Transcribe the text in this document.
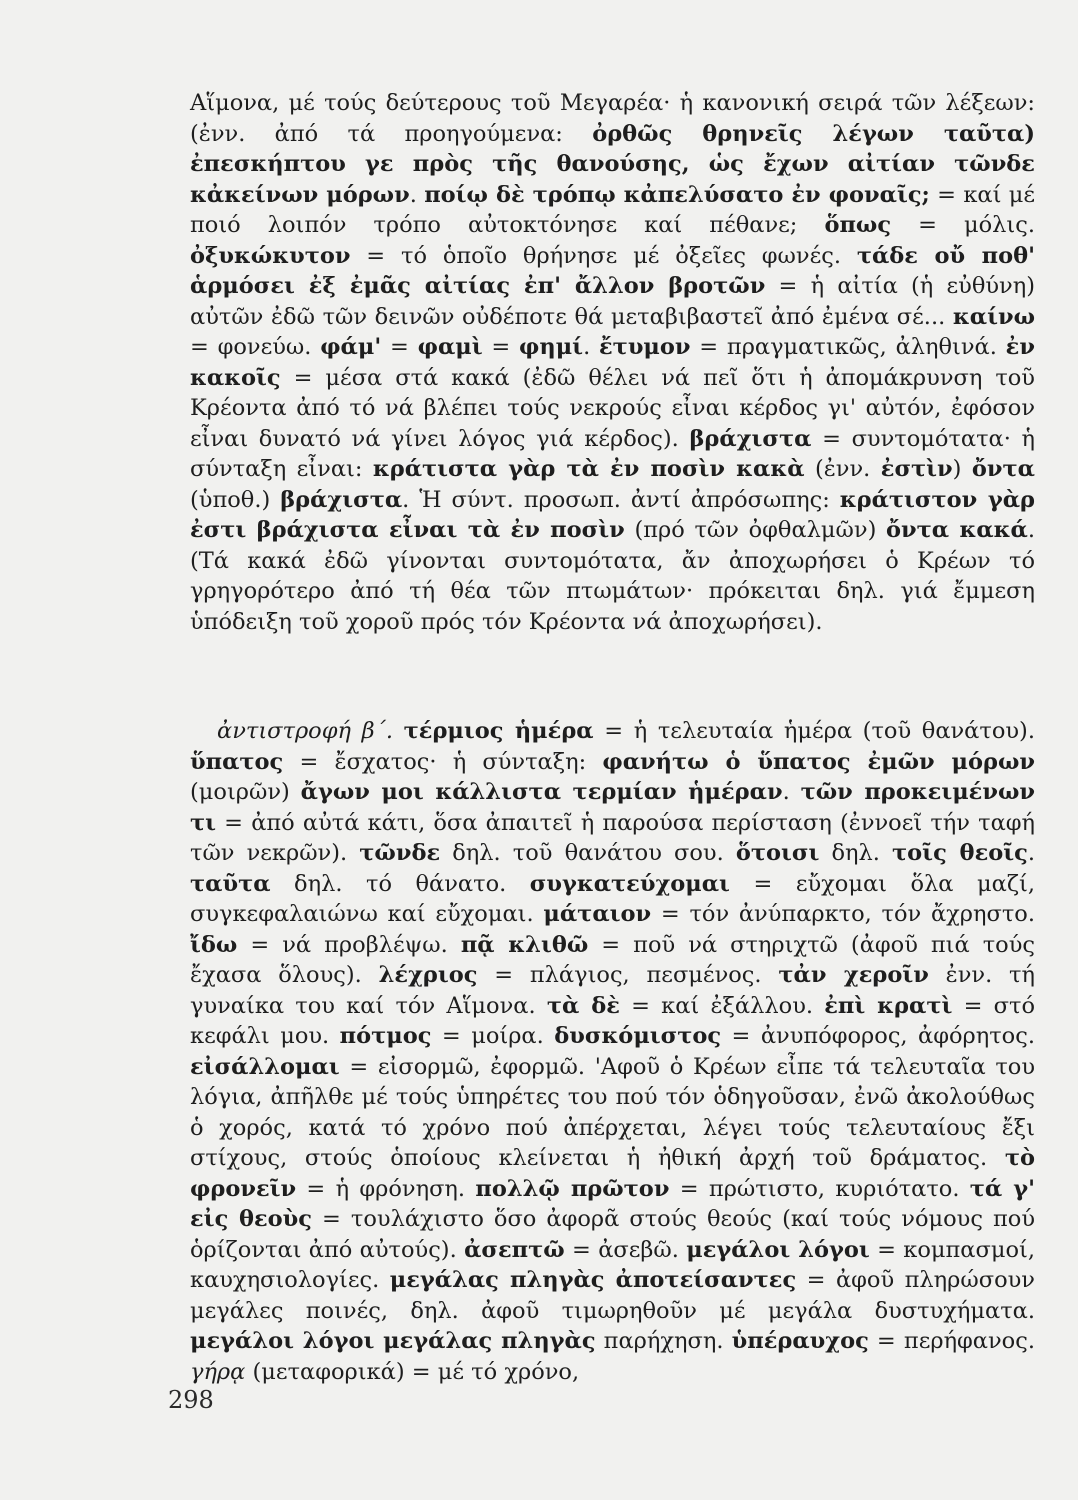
Αἵμονα, μέ τούς δεύτερους τοῦ Μεγαρέα· ἡ κανονική σειρά τῶν λέξεων: (ἐνν. ἀπό τά προηγούμενα: ὀρθῶς θρηνεῖς λέγων ταῦτα) ἐπεσκήπτου γε πρὸς τῆς θανούσης, ὡς ἔχων αἰτίαν τῶνδε κἀκείνων μόρων. ποίῳ δὲ τρόπῳ κἀπελύσατο ἐν φοναῖς; = καί μέ ποιό λοιπόν τρόπο αὐτοκτόνησε καί πέθανε; ὅπως = μόλις. ὀξυκώκυτον = τό ὁποῖο θρήνησε μέ ὀξεῖες φωνές. τάδε οὔ ποθ' ἁρμόσει ἐξ ἐμᾶς αἰτίας ἐπ' ἄλλον βροτῶν = ἡ αἰτία (ἡ εὐθύνη) αὐτῶν ἐδῶ τῶν δεινῶν οὐδέποτε θά μεταβιβαστεῖ ἀπό ἐμένα σέ... καίνω = φονεύω. φάμ' = φαμὶ = φημί. ἔτυμον = πραγματικῶς, ἀληθινά. ἐν κακοῖς = μέσα στά κακά (ἐδῶ θέλει νά πεῖ ὅτι ἡ ἀπομάκρυνση τοῦ Κρέοντα ἀπό τό νά βλέπει τούς νεκρούς εἶναι κέρδος γι' αὐτόν, ἐφόσον εἶναι δυνατό νά γίνει λόγος γιά κέρδος). βράχιστα = συντομότατα· ἡ σύνταξη εἶναι: κράτιστα γὰρ τὰ ἐν ποσὶν κακὰ (ἐνν. ἐστὶν) ὄντα (ὑποθ.) βράχιστα. Ἡ σύντ. προσωπ. ἀντί ἀπρόσωπης: κράτιστον γὰρ ἐστι βράχιστα εἶναι τὰ ἐν ποσὶν (πρό τῶν ὀφθαλμῶν) ὄντα κακά. (Τά κακά ἐδῶ γίνονται συντομότατα, ἄν ἀποχωρήσει ὁ Κρέων τό γρηγορότερο ἀπό τή θέα τῶν πτωμάτων· πρόκειται δηλ. γιά ἔμμεση ὑπόδειξη τοῦ χοροῦ πρός τόν Κρέοντα νά ἀποχωρήσει).

ἀντιστροφή β΄. τέρμιος ἡμέρα = ἡ τελευταία ἡμέρα (τοῦ θανάτου). ὕπατος = ἔσχατος· ἡ σύνταξη: φανήτω ὁ ὕπατος ἐμῶν μόρων (μοιρῶν) ἄγων μοι κάλλιστα τερμίαν ἡμέραν. τῶν προκειμένων τι = ἀπό αὐτά κάτι, ὅσα ἀπαιτεῖ ἡ παρούσα περίσταση (ἐννοεῖ τήν ταφή τῶν νεκρῶν). τῶνδε δηλ. τοῦ θανάτου σου. ὅτοισι δηλ. τοῖς θεοῖς. ταῦτα δηλ. τό θάνατο. συγκατεύχομαι = εὔχομαι ὅλα μαζί, συγκεφαλαιώνω καί εὔχομαι. μάταιον = τόν ἀνύπαρκτο, τόν ἄχρηστο. ἴδω = νά προβλέψω. πᾷ κλιθῶ = ποῦ νά στηριχτῶ (ἀφοῦ πιά τούς ἔχασα ὅλους). λέχριος = πλάγιος, πεσμένος. τἀν χεροῖν ἐνν. τή γυναίκα του καί τόν Αἵμονα. τὰ δὲ = καί ἐξάλλου. ἐπὶ κρατὶ = στό κεφάλι μου. πότμος = μοίρα. δυσκόμιστος = ἀνυπόφορος, ἀφόρητος. εἰσάλλομαι = εἰσορμῶ, ἐφορμῶ. 'Αφοῦ ὁ Κρέων εἶπε τά τελευταῖα του λόγια, ἀπῆλθε μέ τούς ὑπηρέτες του πού τόν ὁδηγοῦσαν, ἐνῶ ἀκολούθως ὁ χορός, κατά τό χρόνο πού ἀπέρχεται, λέγει τούς τελευταίους ἔξι στίχους, στούς ὁποίους κλείνεται ἡ ἠθική ἀρχή τοῦ δράματος. τὸ φρονεῖν = ἡ φρόνηση. πολλῷ πρῶτον = πρώτιστο, κυριότατο. τά γ' εἰς θεοὺς = τουλάχιστο ὅσο ἀφορᾶ στούς θεούς (καί τούς νόμους πού ὁρίζονται ἀπό αὐτούς). ἀσεπτῶ = ἀσεβῶ. μεγάλοι λόγοι = κομπασμοί, καυχησιολογίες. μεγάλας πληγὰς ἀποτείσαντες = ἀφοῦ πληρώσουν μεγάλες ποινές, δηλ. ἀφοῦ τιμωρηθοῦν μέ μεγάλα δυστυχήματα. μεγάλοι λόγοι μεγάλας πληγὰς παρήχηση. ὑπέραυχος = περήφανος. γήρᾳ (μεταφορικά) = μέ τό χρόνο,

298
